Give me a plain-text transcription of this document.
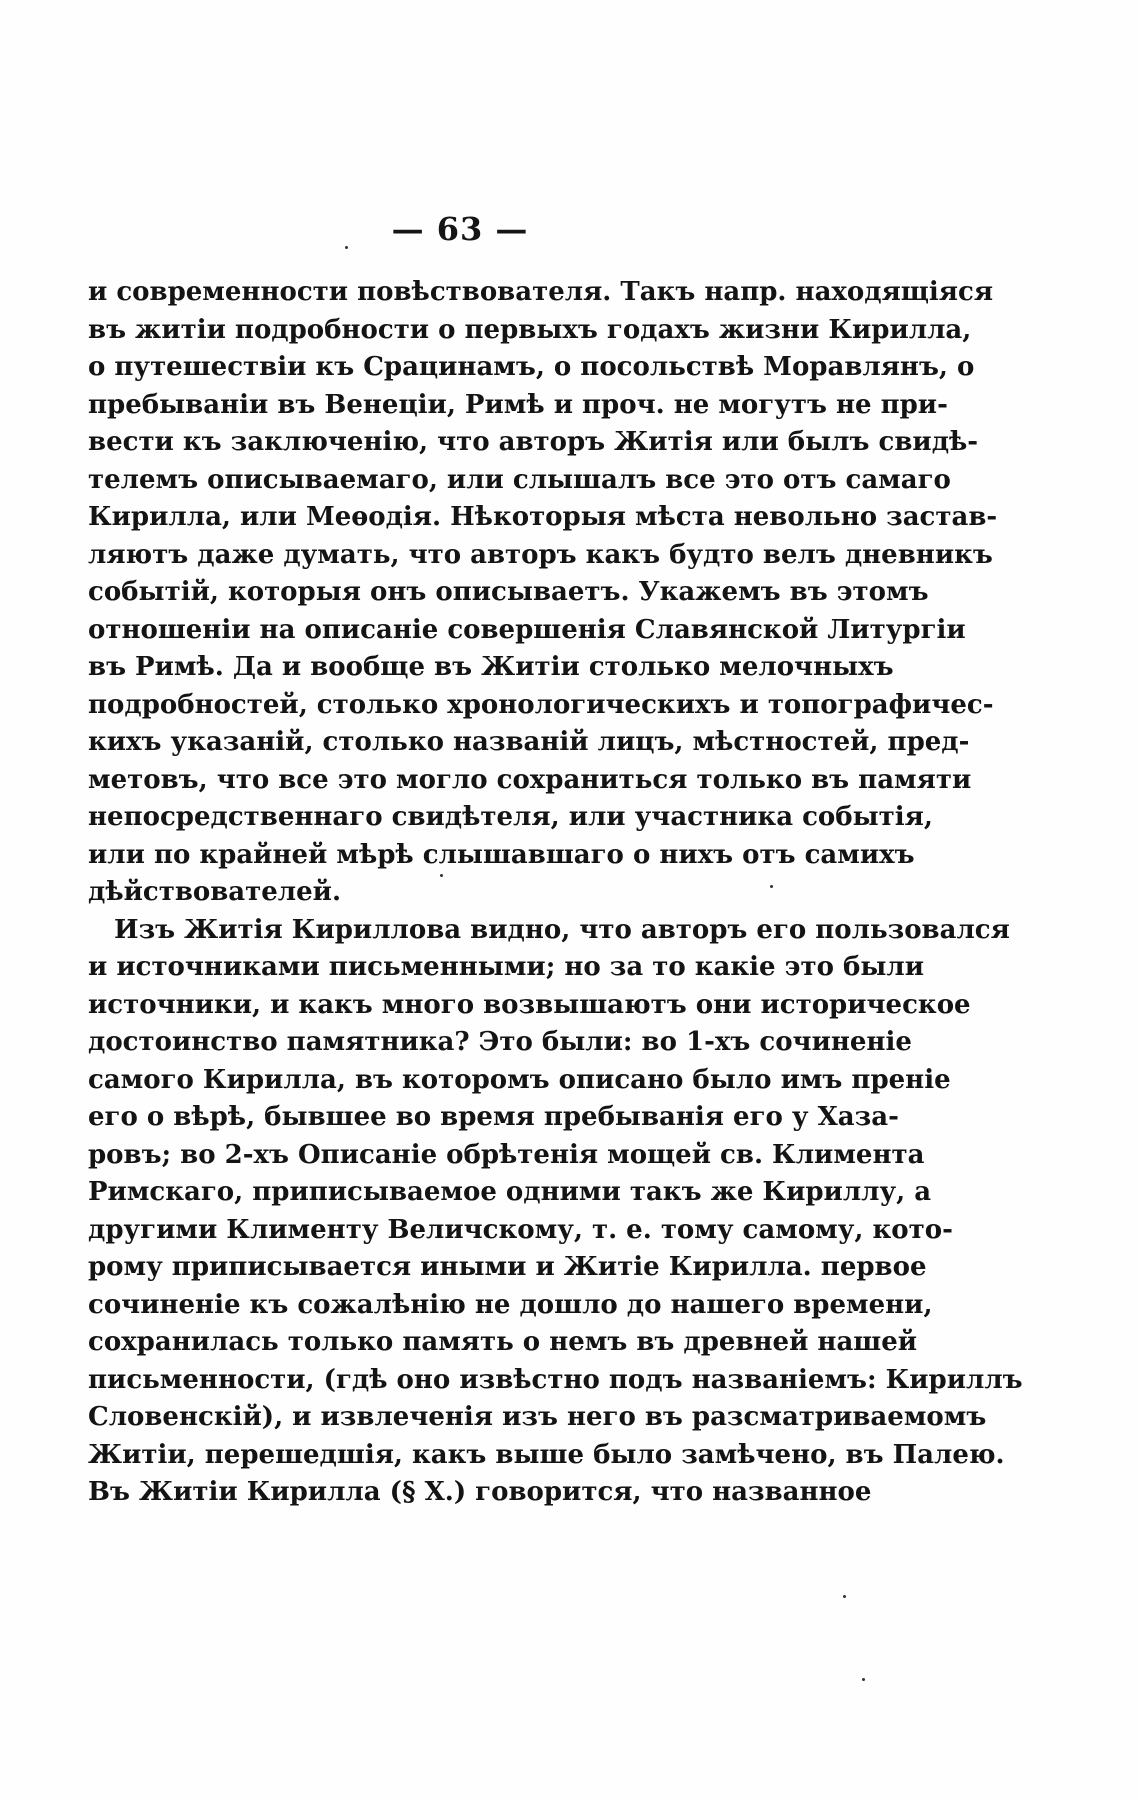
— 63 —
и современности повѣствователя. Такъ напр. находящіяся
въ житіи подробности о первыхъ годахъ жизни Кирилла,
о путешествіи къ Срацинамъ, о посольствѣ Моравлянъ, о
пребываніи въ Венеціи, Римѣ и проч. не могутъ не при-
вести къ заключенію, что авторъ Житія или былъ свидѣ-
телемъ описываемаго, или слышалъ все это отъ самаго
Кирилла, или Меѳодія. Нѣкоторыя мѣста невольно застав-
ляютъ даже думать, что авторъ какъ будто велъ дневникъ
событій, которыя онъ описываетъ. Укажемъ въ этомъ
отношеніи на описаніе совершенія Славянской Литургіи
въ Римѣ. Да и вообще въ Житіи столько мелочныхъ
подробностей, столько хронологическихъ и топографичес-
кихъ указаній, столько названій лицъ, мѣстностей, пред-
метовъ, что все это могло сохраниться только въ памяти
непосредственнаго свидѣтеля, или участника событія,
или по крайней мѣрѣ слышавшаго о нихъ отъ самихъ
дѣйствователей.
Изъ Житія Кириллова видно, что авторъ его пользовался
и источниками письменными; но за то какіе это были
источники, и какъ много возвышаютъ они историческое
достоинство памятника? Это были: во 1-хъ сочиненіе
самого Кирилла, въ которомъ описано было имъ преніе
его о вѣрѣ, бывшее во время пребыванія его у Хаза-
ровъ; во 2-хъ Описаніе обрѣтенія мощей св. Климента
Римскаго, приписываемое одними такъ же Кириллу, а
другими Клименту Величскому, т. е. тому самому, кото-
рому приписывается иными и Житіе Кирилла. первое
сочиненіе къ сожалѣнію не дошло до нашего времени,
сохранилась только память о немъ въ древней нашей
письменности, (гдѣ оно извѣстно подъ названіемъ: Кириллъ
Словенскій), и извлеченія изъ него въ разсматриваемомъ
Житіи, перешедшія, какъ выше было замѣчено, въ Палею.
Въ Житіи Кирилла (§ Х.) говорится, что названное
